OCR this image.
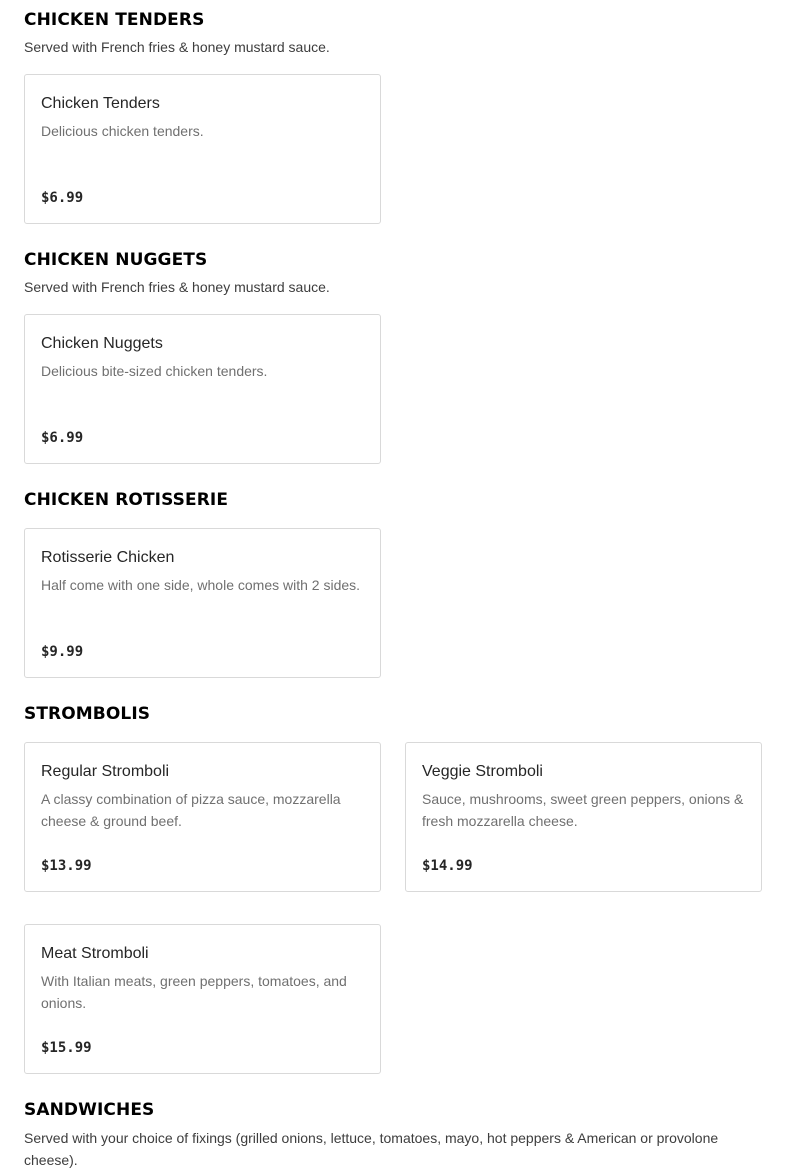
CHICKEN TENDERS

Served with French fries & honey mustard sauce.

Chicken Tenders
Delicious chicken tenders.
$6.99
CHICKEN NUGGETS

Served with French fries & honey mustard sauce.

Chicken Nuggets
Delicious bite-sized chicken tenders.
$6.99
CHICKEN ROTISSERIE
Rotisserie Chicken
Half come with one side, whole comes with 2 sides.
$9.99
STROMBOLIS
Regular Stromboli
A classy combination of pizza sauce, mozzarella cheese & ground beef.
$13.99
Veggie Stromboli
Sauce, mushrooms, sweet green peppers, onions & fresh mozzarella cheese.
$14.99
Meat Stromboli
With Italian meats, green peppers, tomatoes, and onions.
$15.99
SANDWICHES

Served with your choice of fixings (grilled onions, lettuce, tomatoes, mayo, hot peppers & American or provolone cheese).
